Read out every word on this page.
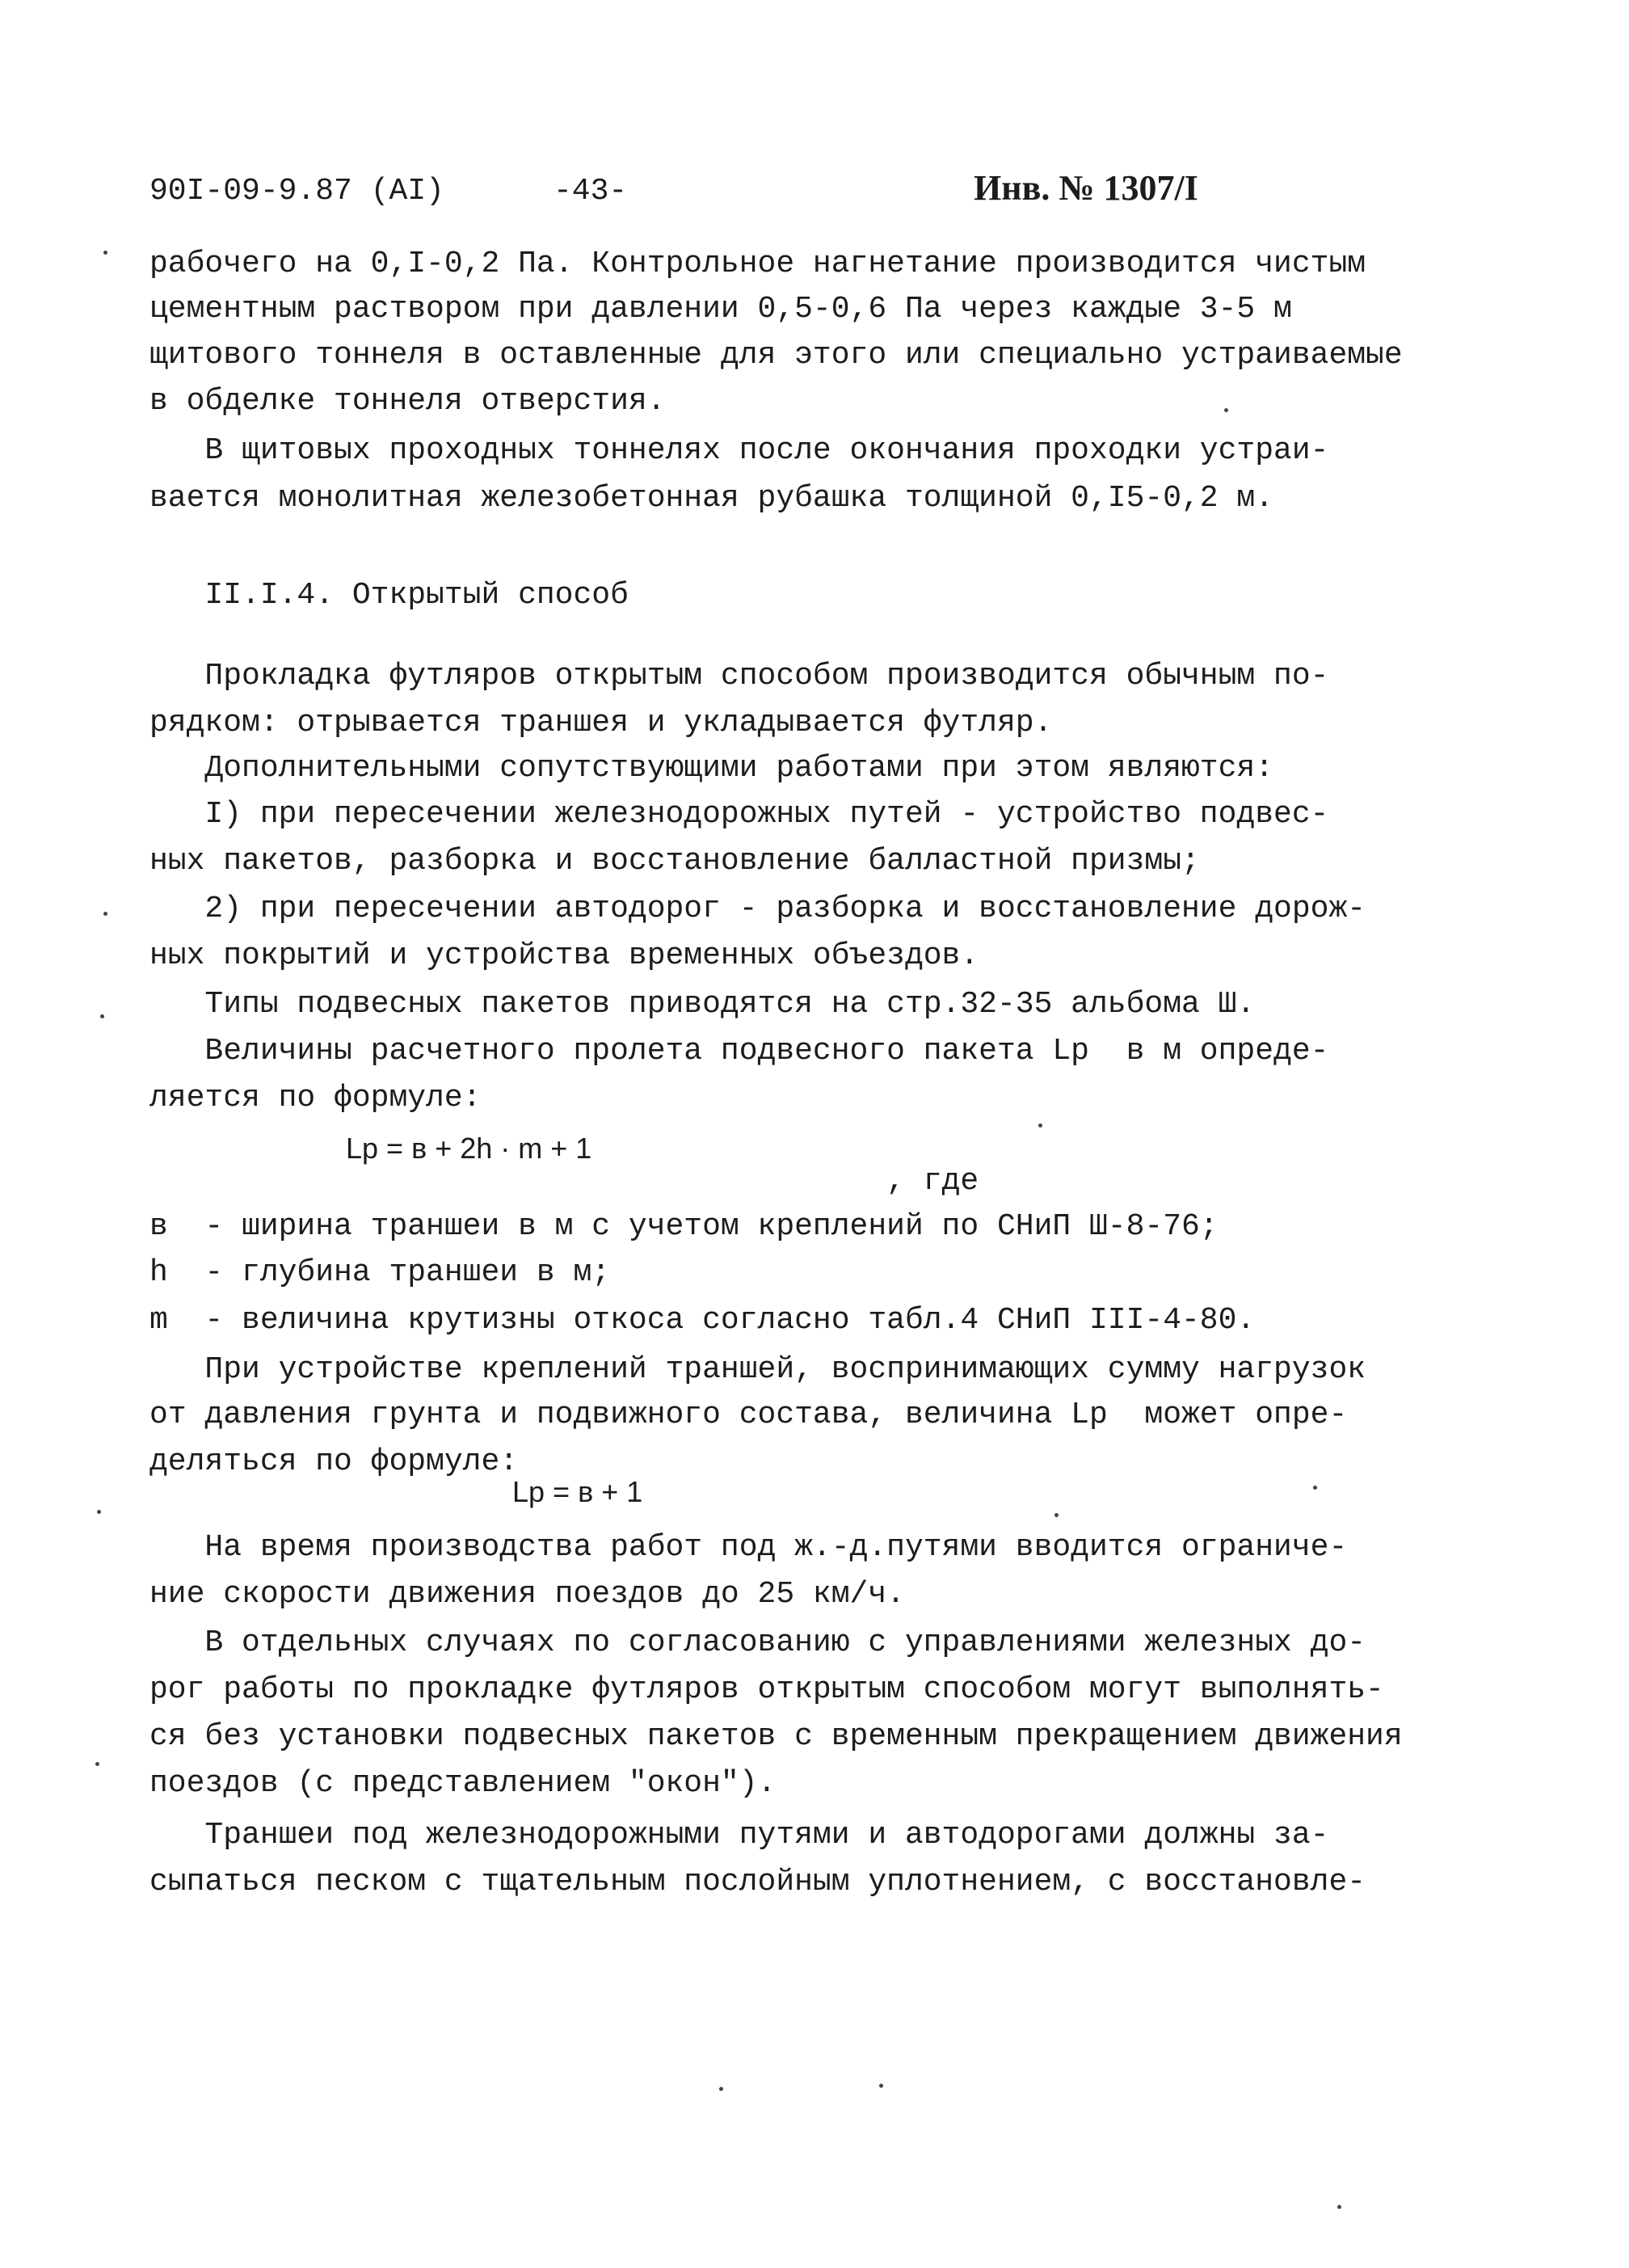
90I-09-9.87 (AI)	-43-	Инв. № 1307/I
рабочего на 0,I-0,2 Па. Контрольное нагнетание производится чистым
цементным раствором при давлении 0,5-0,6 Па через каждые 3-5 м
щитового тоннеля в оставленные для этого или специально устраиваемые
в обделке тоннеля отверстия.
В щитовых проходных тоннелях после окончания проходки устраи-
вается монолитная железобетонная рубашка толщиной 0,I5-0,2 м.
II.I.4. Открытый способ
Прокладка футляров открытым способом производится обычным по-
рядком: отрывается траншея и укладывается футляр.
Дополнительными сопутствующими работами при этом являются:
I) при пересечении железнодорожных путей - устройство подвес-
ных пакетов, разборка и восстановление балластной призмы;
2) при пересечении автодорог - разборка и восстановление дорож-
ных покрытий и устройства временных объездов.
Типы подвесных пакетов приводятся на стр.32-35 альбома Ш.
Величины расчетного пролета подвесного пакета Lр  в м опреде-
ляется по формуле:
Lр = в + 2h · m + 1
, где
в  - ширина траншеи в м с учетом креплений по СНиП Ш-8-76;
h  - глубина траншеи в м;
m  - величина крутизны откоса согласно табл.4 СНиП III-4-80.
При устройстве креплений траншей, воспринимающих сумму нагрузок
от давления грунта и подвижного состава, величина Lр  может опре-
деляться по формуле:
Lр = в + 1
На время производства работ под ж.-д.путями вводится ограниче-
ние скорости движения поездов до 25 км/ч.
В отдельных случаях по согласованию с управлениями железных до-
рог работы по прокладке футляров открытым способом могут выполнять-
ся без установки подвесных пакетов с временным прекращением движения
поездов (с представлением "окон").
Траншеи под железнодорожными путями и автодорогами должны за-
сыпаться песком с тщательным послойным уплотнением, с восстановле-
